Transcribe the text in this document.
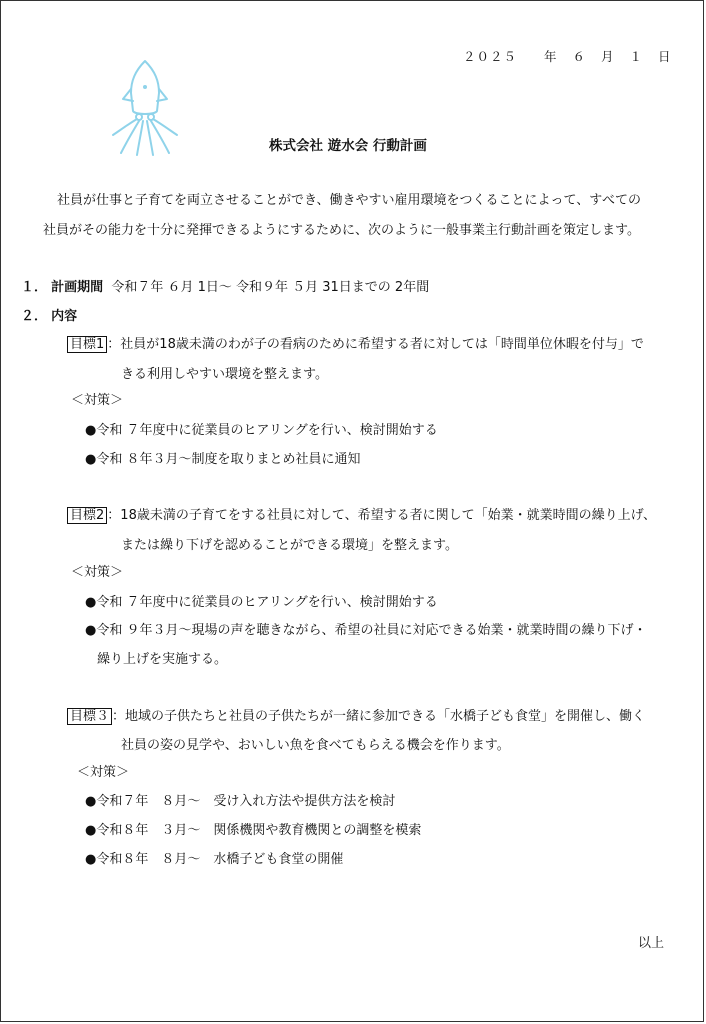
２０２５ 年 ６ 月 １ 日
株式会社 遊水会 行動計画
社員が仕事と子育てを両立させることができ、働きやすい雇用環境をつくることによって、すべての
社員がその能力を十分に発揮できるようにするために、次のように一般事業主行動計画を策定します。
１． 計画期間 令和７年 ６月 1日～ 令和９年 ５月 31日までの 2年間
２． 内容
目標1 ：社員が18歳未満のわが子の看病のために希望する者に対しては「時間単位休暇を付与」で
きる利用しやすい環境を整えます。
＜対策＞
●令和 ７年度中に従業員のヒアリングを行い、検討開始する
●令和 ８年３月～制度を取りまとめ社員に通知
目標2 ：18歳未満の子育てをする社員に対して、希望する者に関して「始業・就業時間の繰り上げ、
または繰り下げを認めることができる環境」を整えます。
＜対策＞
●令和 ７年度中に従業員のヒアリングを行い、検討開始する
●令和 ９年３月～現場の声を聴きながら、希望の社員に対応できる始業・就業時間の繰り下げ・
繰り上げを実施する。
目標３ ：地域の子供たちと社員の子供たちが一緒に参加できる「水橋子ども食堂」を開催し、働く
社員の姿の見学や、おいしい魚を食べてもらえる機会を作ります。
＜対策＞
●令和７年　８月～　受け入れ方法や提供方法を検討
●令和８年　３月～　関係機関や教育機関との調整を模索
●令和８年　８月～　水橋子ども食堂の開催
以上
